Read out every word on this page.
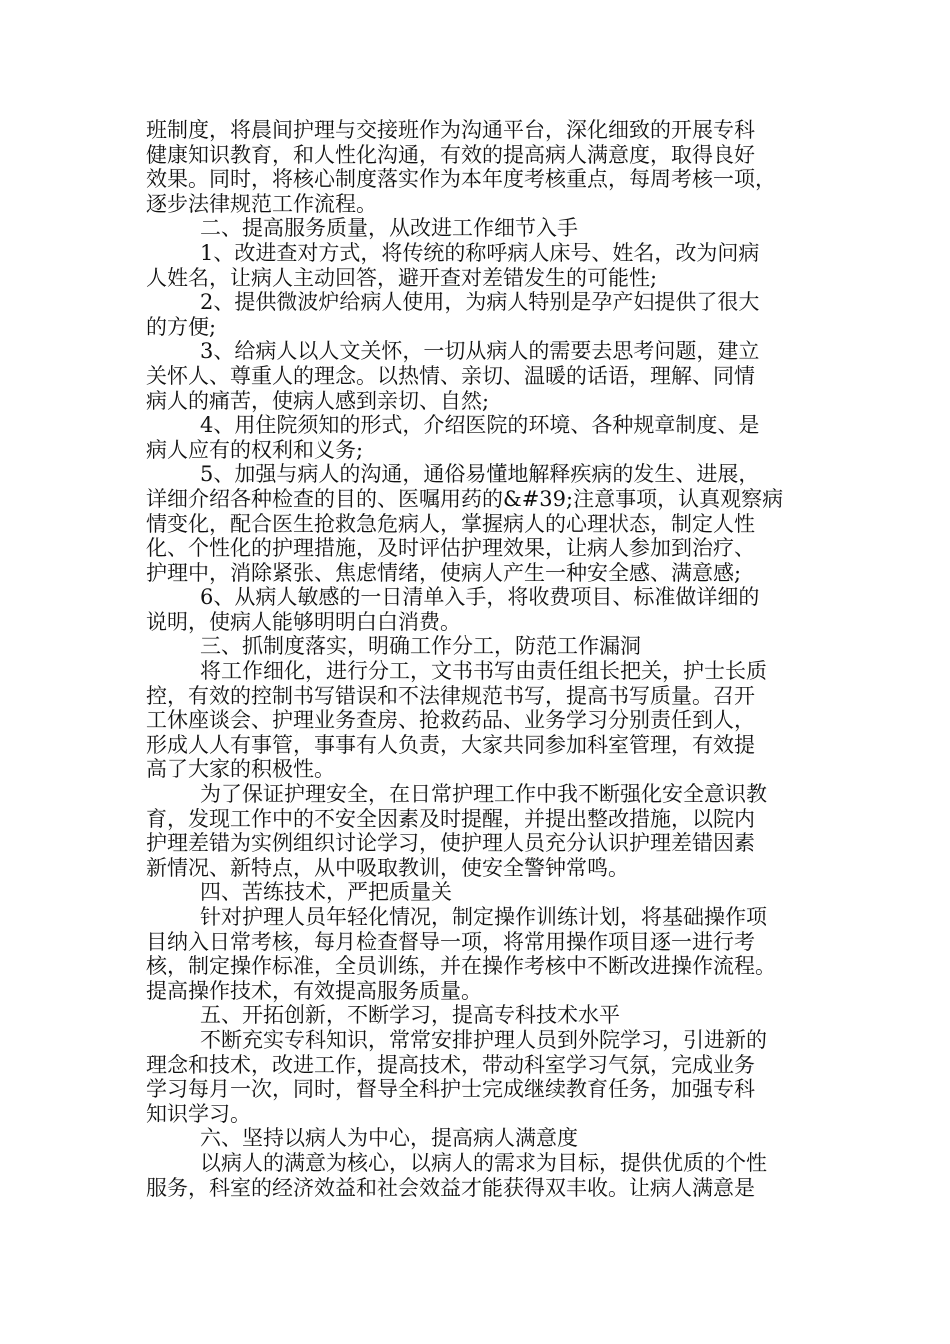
班制度，将晨间护理与交接班作为沟通平台，深化细致的开展专科

健康知识教育，和人性化沟通，有效的提高病人满意度，取得良好

效果。同时，将核心制度落实作为本年度考核重点，每周考核一项，

逐步法律规范工作流程。

二、提高服务质量，从改进工作细节入手

1、改进查对方式，将传统的称呼病人床号、姓名，改为问病

人姓名，让病人主动回答，避开查对差错发生的可能性;

2、提供微波炉给病人使用，为病人特别是孕产妇提供了很大

的方便;

3、给病人以人文关怀，一切从病人的需要去思考问题，建立

关怀人、尊重人的理念。以热情、亲切、温暖的话语，理解、同情

病人的痛苦，使病人感到亲切、自然;

4、用住院须知的形式，介绍医院的环境、各种规章制度、是

病人应有的权利和义务;

5、加强与病人的沟通，通俗易懂地解释疾病的发生、进展，

详细介绍各种检查的目的、医嘱用药的&#39;注意事项，认真观察病

情变化，配合医生抢救急危病人，掌握病人的心理状态，制定人性

化、个性化的护理措施，及时评估护理效果，让病人参加到治疗、

护理中，消除紧张、焦虑情绪，使病人产生一种安全感、满意感;

6、从病人敏感的一日清单入手，将收费项目、标准做详细的

说明，使病人能够明明白白消费。

三、抓制度落实，明确工作分工，防范工作漏洞

将工作细化，进行分工，文书书写由责任组长把关，护士长质

控，有效的控制书写错误和不法律规范书写，提高书写质量。召开

工休座谈会、护理业务查房、抢救药品、业务学习分别责任到人，

形成人人有事管，事事有人负责，大家共同参加科室管理，有效提

高了大家的积极性。

为了保证护理安全，在日常护理工作中我不断强化安全意识教

育，发现工作中的不安全因素及时提醒，并提出整改措施，以院内

护理差错为实例组织讨论学习，使护理人员充分认识护理差错因素

新情况、新特点，从中吸取教训，使安全警钟常鸣。

四、苦练技术，严把质量关

针对护理人员年轻化情况，制定操作训练计划，将基础操作项

目纳入日常考核，每月检查督导一项，将常用操作项目逐一进行考

核，制定操作标准，全员训练，并在操作考核中不断改进操作流程。

提高操作技术，有效提高服务质量。

五、开拓创新，不断学习，提高专科技术水平

不断充实专科知识，常常安排护理人员到外院学习，引进新的

理念和技术，改进工作，提高技术，带动科室学习气氛，完成业务

学习每月一次，同时，督导全科护士完成继续教育任务，加强专科

知识学习。

六、坚持以病人为中心，提高病人满意度

以病人的满意为核心，以病人的需求为目标，提供优质的个性

服务，科室的经济效益和社会效益才能获得双丰收。让病人满意是
